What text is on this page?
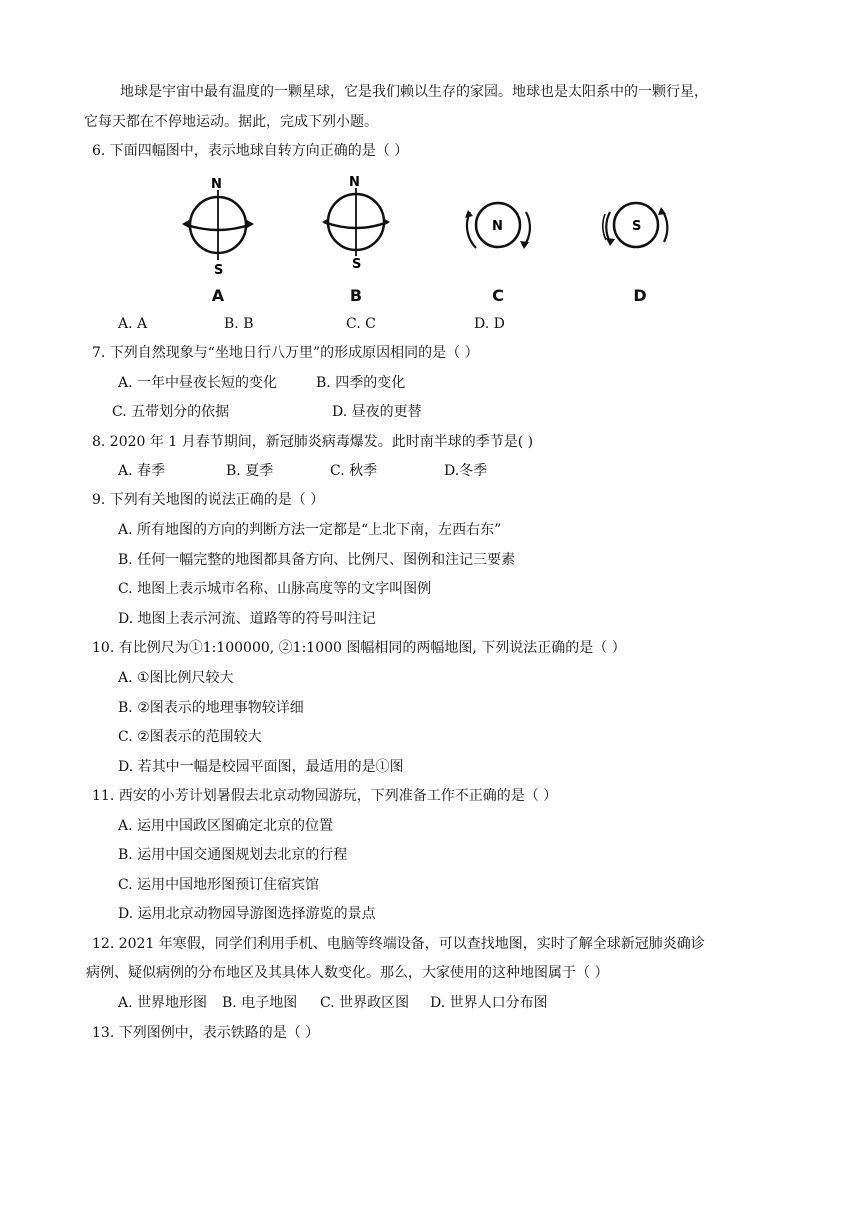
地球是宇宙中最有温度的一颗星球，它是我们赖以生存的家园。地球也是太阳系中的一颗行星，
它每天都在不停地运动。据此，完成下列小题。
6. 下面四幅图中，表示地球自转方向正确的是（ ）
N
S
A
N
S
B
N
C
S
D
A. A	B. B	C. C	D. D
7. 下列自然现象与“坐地日行八万里”的形成原因相同的是（ ）
A. 一年中昼夜长短的变化	B. 四季的变化
C. 五带划分的依据	D. 昼夜的更替
8. 2020 年 1 月春节期间，新冠肺炎病毒爆发。此时南半球的季节是( )
A. 春季	B. 夏季	C. 秋季	D.冬季
9. 下列有关地图的说法正确的是（ ）
A. 所有地图的方向的判断方法一定都是“上北下南，左西右东”
B. 任何一幅完整的地图都具备方向、比例尺、图例和注记三要素
C. 地图上表示城市名称、山脉高度等的文字叫图例
D. 地图上表示河流、道路等的符号叫注记
10. 有比例尺为①1:100000, ②1:1000 图幅相同的两幅地图, 下列说法正确的是（ ）
A. ①图比例尺较大
B. ②图表示的地理事物较详细
C. ②图表示的范围较大
D. 若其中一幅是校园平面图，最适用的是①图
11. 西安的小芳计划暑假去北京动物园游玩，下列准备工作不正确的是（ ）
A. 运用中国政区图确定北京的位置
B. 运用中国交通图规划去北京的行程
C. 运用中国地形图预订住宿宾馆
D. 运用北京动物园导游图选择游览的景点
12. 2021 年寒假，同学们利用手机、电脑等终端设备，可以查找地图，实时了解全球新冠肺炎确诊
病例、疑似病例的分布地区及其具体人数变化。那么，大家使用的这种地图属于（ ）
A. 世界地形图 B. 电子地图 C. 世界政区图 D. 世界人口分布图
13. 下列图例中，表示铁路的是（ ）
